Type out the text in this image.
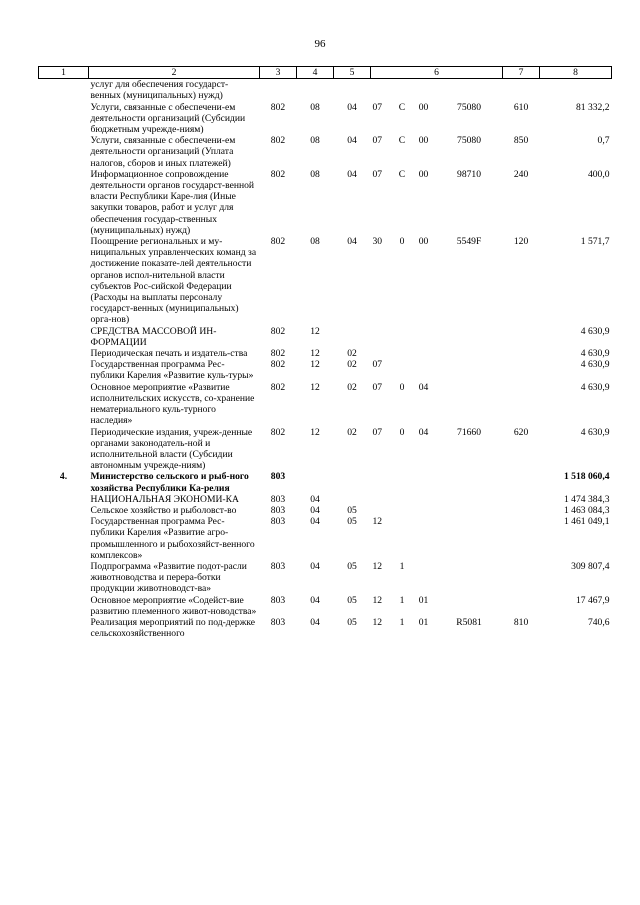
96
1	2	3	4	5	6				7	8
	услуг для обеспечения государст-венных (муниципальных) нужд)									
	Услуги, связанные с обеспечени-ем деятельности организаций (Субсидии бюджетным учрежде-ниям)	802	08	04	07	С	00	75080	610	81 332,2
	Услуги, связанные с обеспечени-ем деятельности организаций (Уплата налогов, сборов и иных платежей)	802	08	04	07	С	00	75080	850	0,7
	Информационное сопровождение деятельности органов государст-венной власти Республики Каре-лия (Иные закупки товаров, работ и услуг для обеспечения государ-ственных (муниципальных) нужд)	802	08	04	07	С	00	98710	240	400,0
	Поощрение региональных и му-ниципальных управленческих команд за достижение показате-лей деятельности органов испол-нительной власти субъектов Рос-сийской Федерации (Расходы на выплаты персоналу государст-венных (муниципальных) орга-нов)	802	08	04	30	0	00	5549F	120	1 571,7
	СРЕДСТВА МАССОВОЙ ИН-ФОРМАЦИИ	802	12							4 630,9
	Периодическая печать и издатель-ства	802	12	02						4 630,9
	Государственная программа Рес-публики Карелия «Развитие куль-туры»	802	12	02	07					4 630,9
	Основное мероприятие «Развитие исполнительских искусств, со-хранение нематериального куль-турного наследия»	802	12	02	07	0	04			4 630,9
	Периодические издания, учреж-денные органами законодатель-ной и исполнительной власти (Субсидии автономным учрежде-ниям)	802	12	02	07	0	04	71660	620	4 630,9
4.	Министерство сельского и рыб-ного хозяйства Республики Ка-релия	803								1 518 060,4
	НАЦИОНАЛЬНАЯ ЭКОНОМИ-КА	803	04							1 474 384,3
	Сельское хозяйство и рыболовст-во	803	04	05						1 463 084,3
	Государственная программа Рес-публики Карелия «Развитие агро-промышленного и рыбохозяйст-венного комплексов»	803	04	05	12					1 461 049,1
	Подпрограмма «Развитие подот-расли животноводства и перера-ботки продукции животноводст-ва»	803	04	05	12	1				309 807,4
	Основное мероприятие «Содейст-вие развитию племенного живот-новодства»	803	04	05	12	1	01			17 467,9
	Реализация мероприятий по под-держке сельскохозяйственного	803	04	05	12	1	01	R5081	810	740,6
